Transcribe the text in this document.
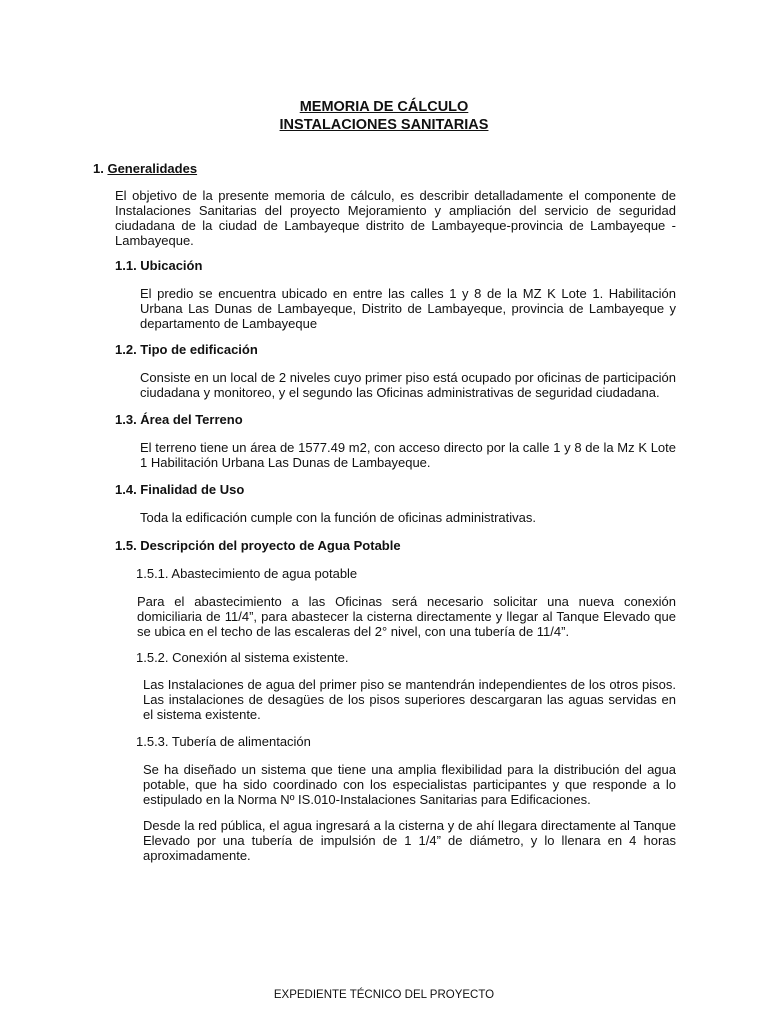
MEMORIA DE CÁLCULO
INSTALACIONES SANITARIAS
1. Generalidades

El objetivo de la presente memoria de cálculo, es describir detalladamente el componente de Instalaciones Sanitarias del proyecto Mejoramiento y ampliación del servicio de seguridad ciudadana de la ciudad de Lambayeque distrito de Lambayeque-provincia de Lambayeque - Lambayeque.

1.1. Ubicación

El predio se encuentra ubicado en entre las calles 1 y 8 de la MZ K Lote 1. Habilitación Urbana Las Dunas de Lambayeque, Distrito de Lambayeque, provincia de Lambayeque y departamento de Lambayeque

1.2. Tipo de edificación

Consiste en un local de 2 niveles cuyo primer piso está ocupado por oficinas de participación ciudadana y monitoreo, y el segundo las Oficinas administrativas de seguridad ciudadana.

1.3. Área del Terreno

El terreno tiene un área de 1577.49 m2, con acceso directo por la calle 1 y 8 de la Mz K Lote 1 Habilitación Urbana Las Dunas de Lambayeque.

1.4. Finalidad de Uso

Toda la edificación cumple con la función de oficinas administrativas.

1.5. Descripción del proyecto de Agua Potable
1.5.1. Abastecimiento de agua potable

Para el abastecimiento a las Oficinas será necesario solicitar una nueva conexión domiciliaria de 11/4”, para abastecer la cisterna directamente y llegar al Tanque Elevado que se ubica en el techo de las escaleras del 2° nivel, con una tubería de 11/4”.

1.5.2. Conexión al sistema existente.

Las Instalaciones de agua del primer piso se mantendrán independientes de los otros pisos. Las instalaciones de desagües de los pisos superiores descargaran las aguas servidas en el sistema existente.

1.5.3. Tubería de alimentación

Se ha diseñado un sistema que tiene una amplia flexibilidad para la distribución del agua potable, que ha sido coordinado con los especialistas participantes y que responde a lo estipulado en la Norma Nº IS.010-Instalaciones Sanitarias para Edificaciones.

Desde la red pública, el agua ingresará a la cisterna y de ahí llegara directamente al Tanque Elevado por una tubería de impulsión de 1 1/4” de diámetro, y lo llenara en 4 horas aproximadamente.

EXPEDIENTE TÉCNICO DEL PROYECTO
